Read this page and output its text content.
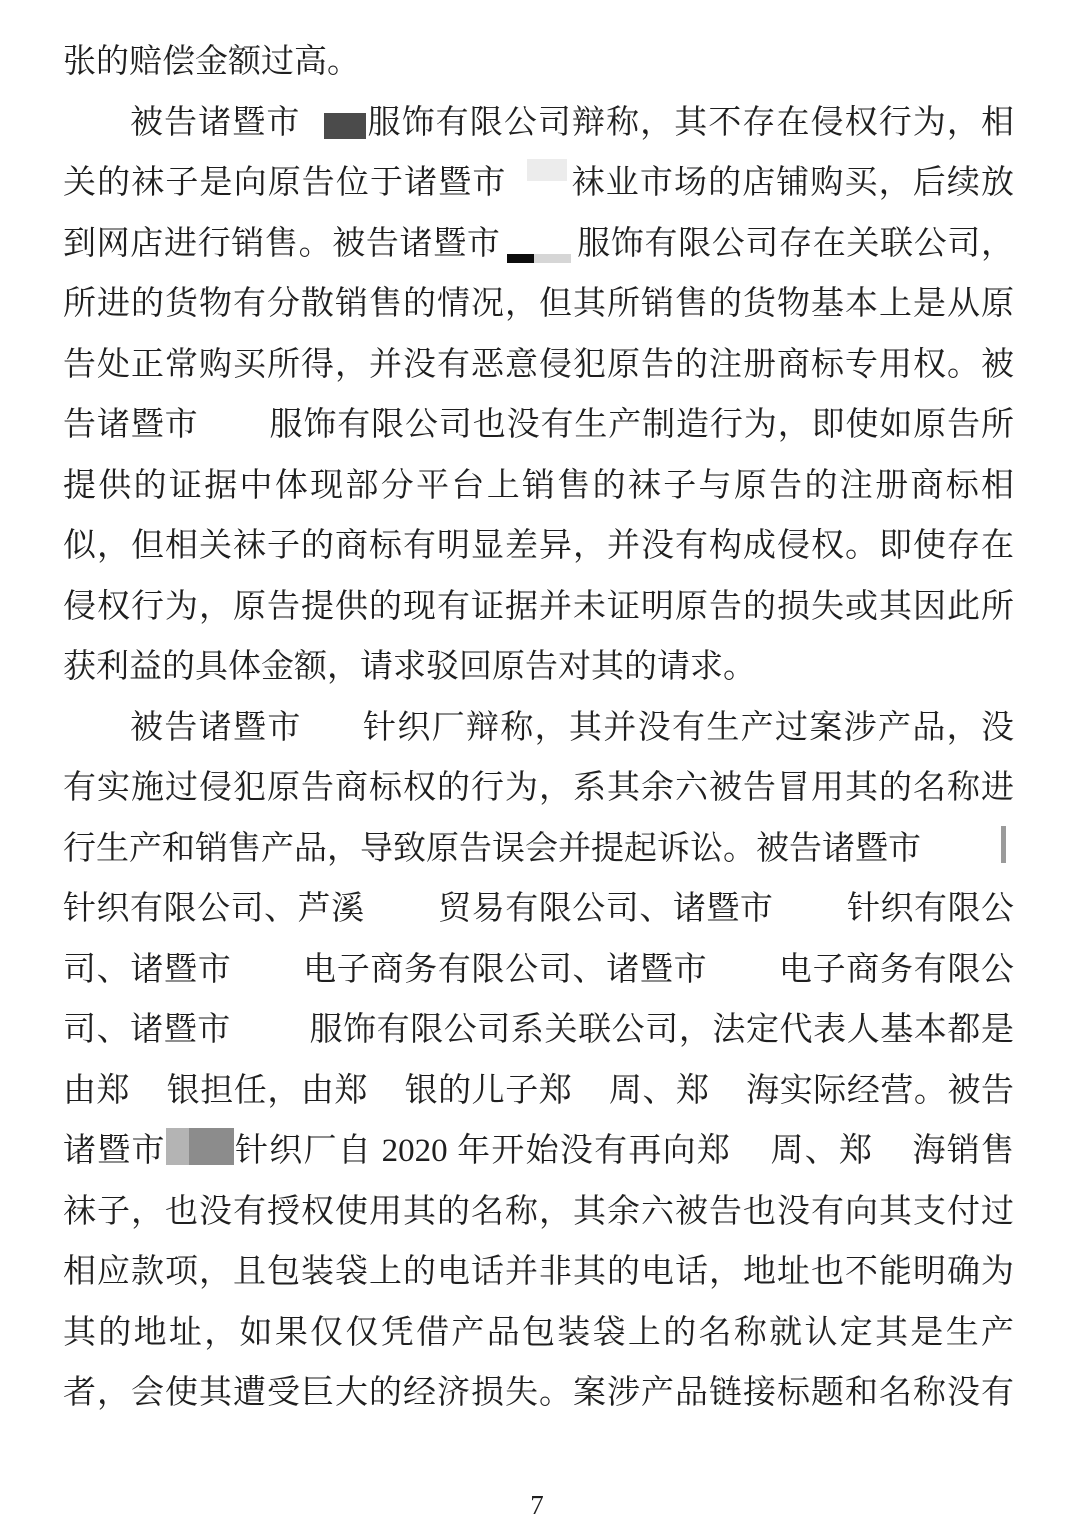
张的赔偿金额过高。
被告诸暨市 服饰有限公司辩称，其不存在侵权行为，相
关的袜子是向原告位于诸暨市 袜业市场的店铺购买，后续放
到网店进行销售。被告诸暨市 服饰有限公司存在关联公司，
所进的货物有分散销售的情况，但其所销售的货物基本上是从原
告处正常购买所得，并没有恶意侵犯原告的注册商标专用权。被
告诸暨市 服饰有限公司也没有生产制造行为，即使如原告所
提供的证据中体现部分平台上销售的袜子与原告的注册商标相
似，但相关袜子的商标有明显差异，并没有构成侵权。即使存在
侵权行为，原告提供的现有证据并未证明原告的损失或其因此所
获利益的具体金额，请求驳回原告对其的请求。
被告诸暨市 针织厂辩称，其并没有生产过案涉产品，没
有实施过侵犯原告商标权的行为，系其余六被告冒用其的名称进
行生产和销售产品，导致原告误会并提起诉讼。被告诸暨市
针织有限公司、芦溪 贸易有限公司、诸暨市 针织有限公
司、诸暨市 电子商务有限公司、诸暨市 电子商务有限公
司、诸暨市 服饰有限公司系关联公司，法定代表人基本都是
由郑 银担任，由郑 银的儿子郑 周、郑 海实际经营。被告
诸暨市 针织厂自 2020 年开始没有再向郑 周、郑 海销售
袜子，也没有授权使用其的名称，其余六被告也没有向其支付过
相应款项，且包装袋上的电话并非其的电话，地址也不能明确为
其的地址，如果仅仅凭借产品包装袋上的名称就认定其是生产
者，会使其遭受巨大的经济损失。案涉产品链接标题和名称没有
7
